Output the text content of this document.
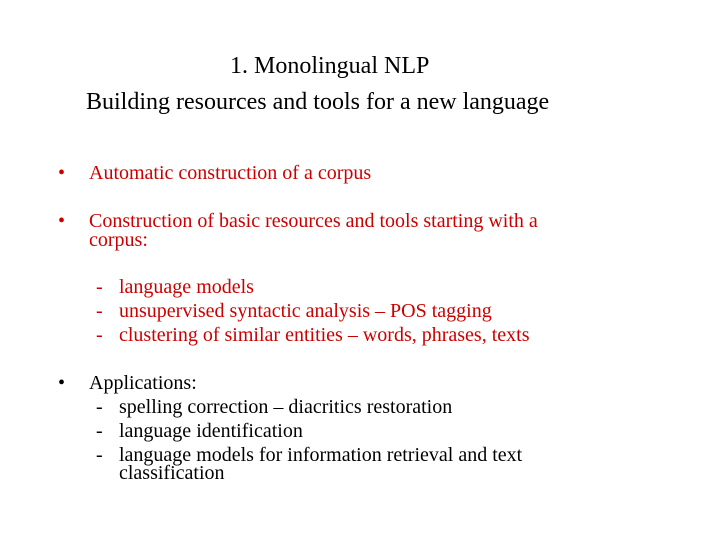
1. Monolingual NLP
Building resources and tools for a new language
• Automatic construction of a corpus
• Construction of basic resources and tools starting with a
corpus:
- language models
- unsupervised syntactic analysis – POS tagging
- clustering of similar entities – words, phrases, texts
• Applications:
- spelling correction – diacritics restoration
- language identification
- language models for information retrieval and text
classification
